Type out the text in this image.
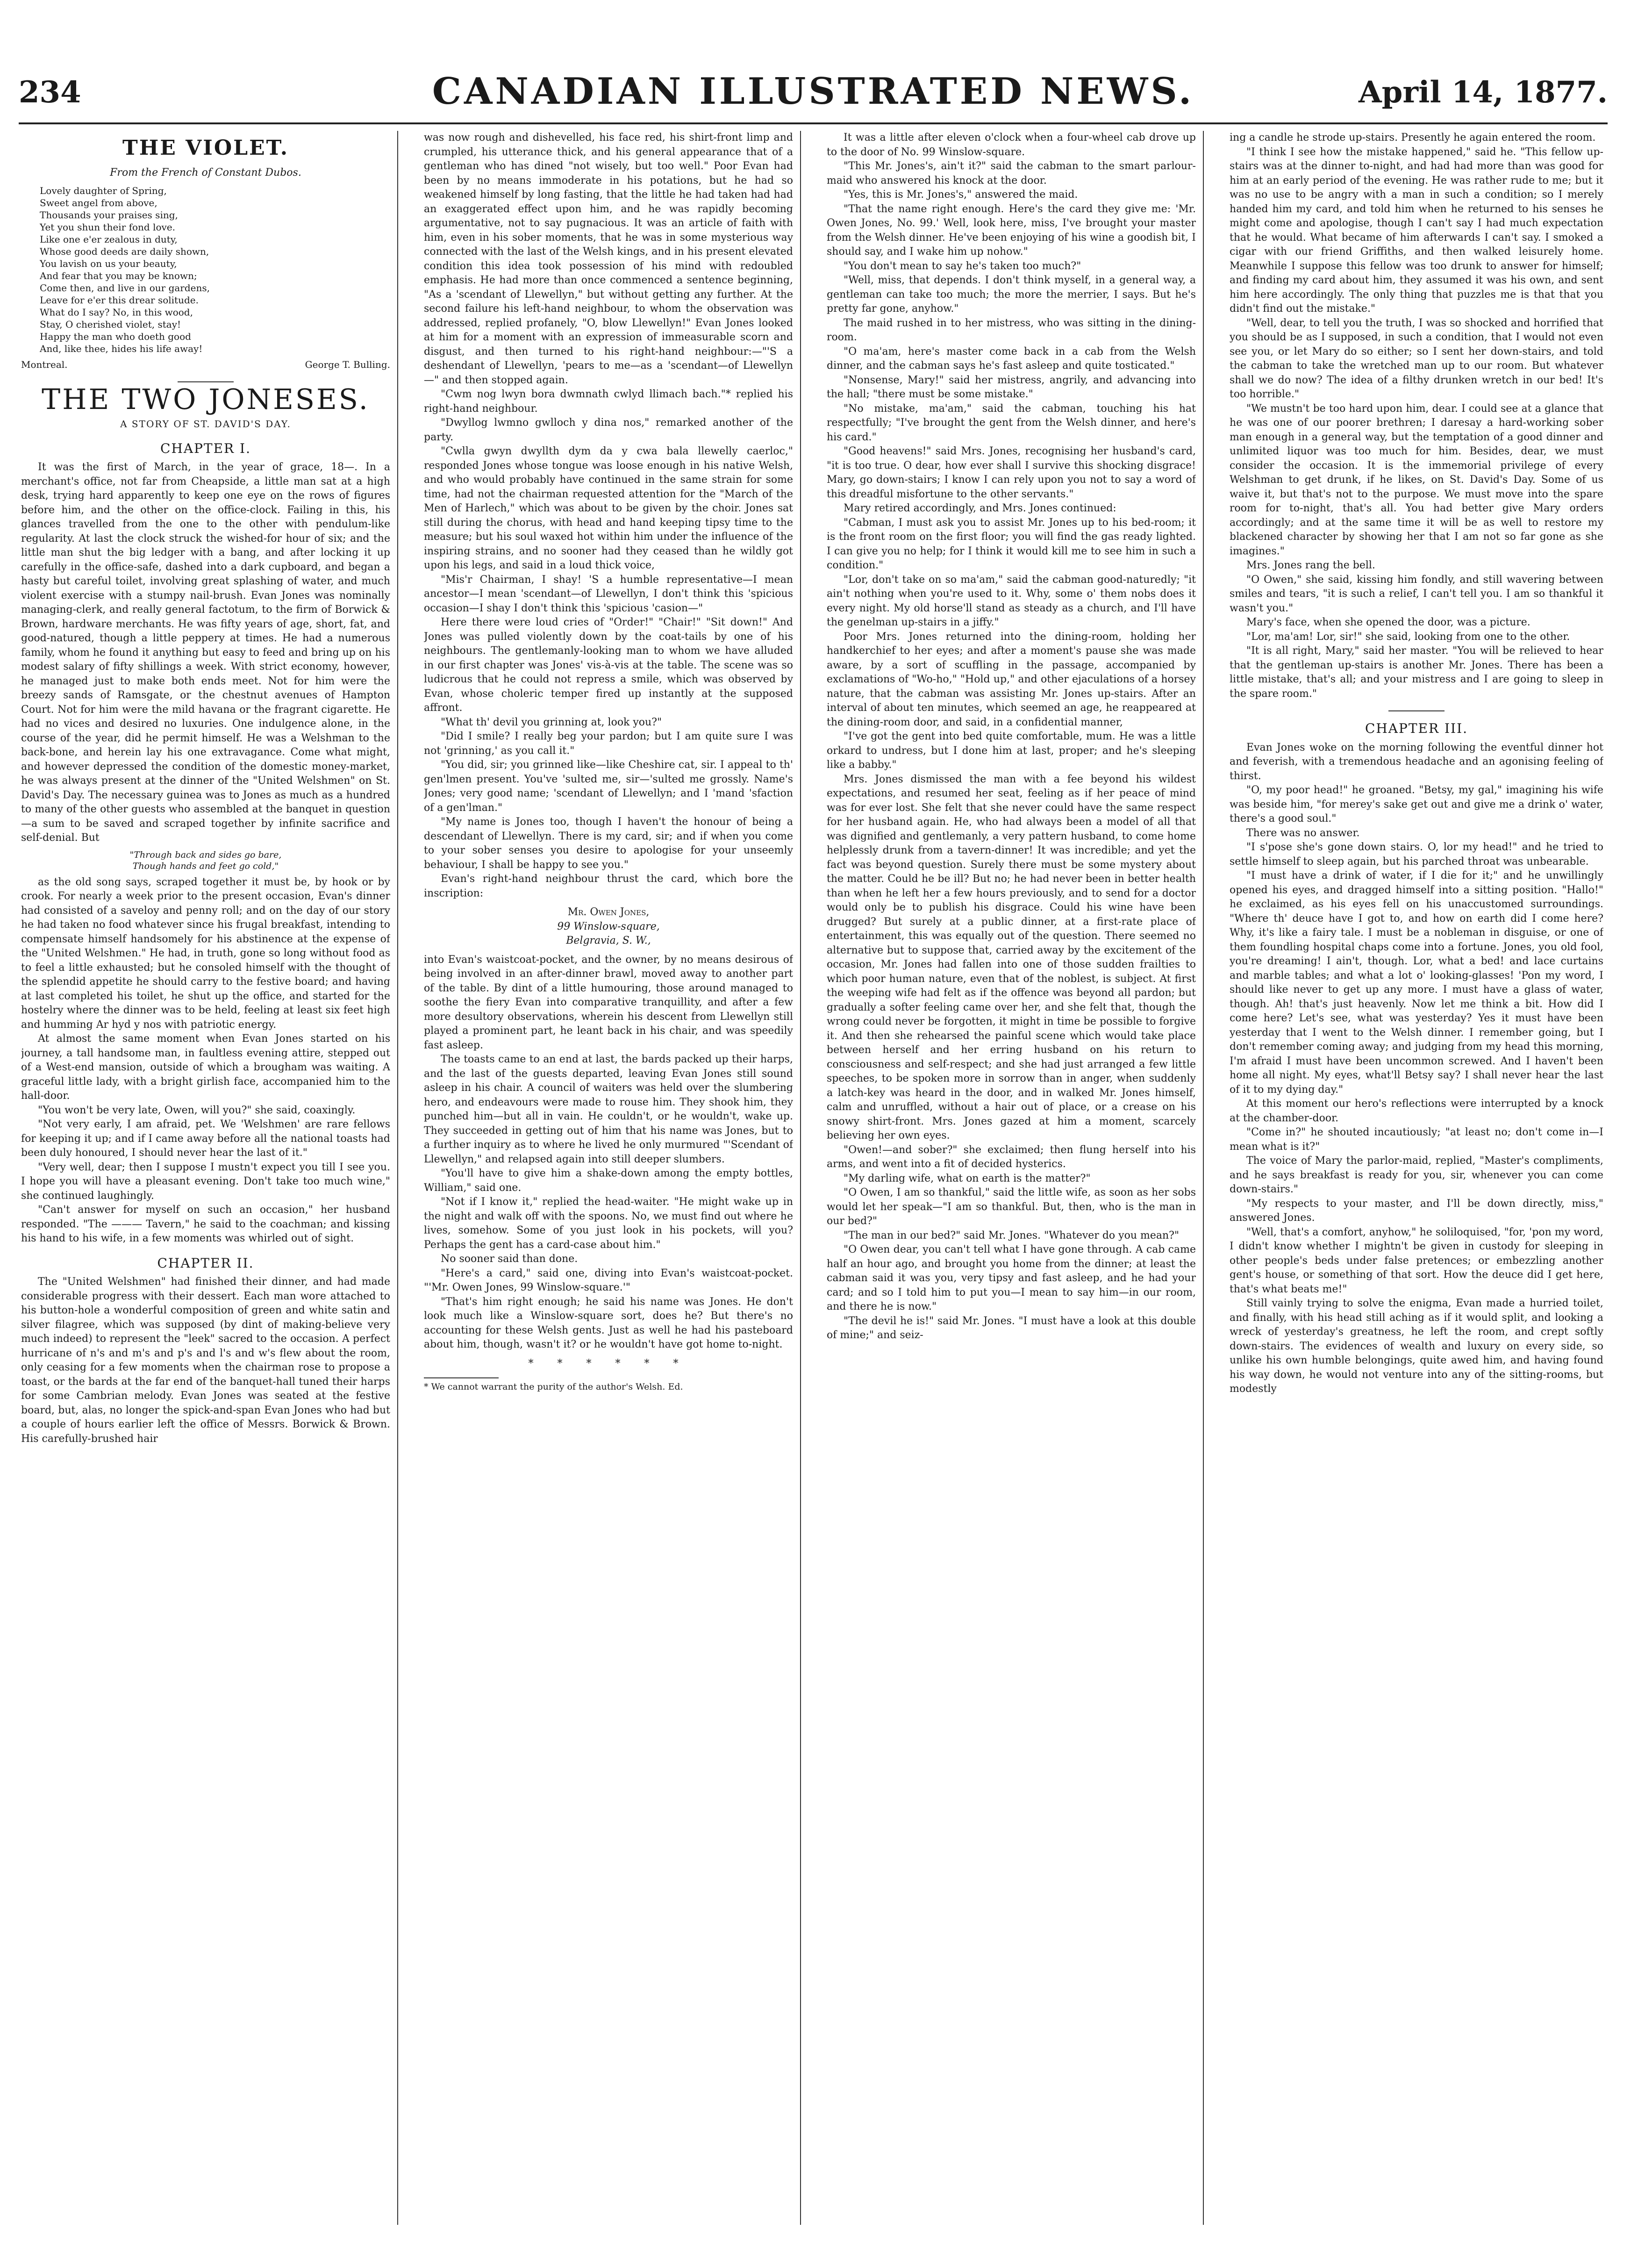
234	CANADIAN ILLUSTRATED NEWS.	April 14, 1877.
THE VIOLET.
From the French of Constant Dubos.

Lovely daughter of Spring,

Sweet angel from above,

Thousands your praises sing,

Yet you shun their fond love.

Like one e'er zealous in duty,

Whose good deeds are daily shown,

You lavish on us your beauty,

And fear that you may be known;

Come then, and live in our gardens,

Leave for e'er this drear solitude.

What do I say? No, in this wood,

Stay, O cherished violet, stay!

Happy the man who doeth good

And, like thee, hides his life away!

Montreal.	George T. Bulling.
THE TWO JONESES.
A STORY OF ST. DAVID'S DAY.
CHAPTER I.

It was the first of March, in the year of grace, 18—. In a merchant's office, not far from Cheapside, a little man sat at a high desk, trying hard apparently to keep one eye on the rows of figures before him, and the other on the office-clock. Failing in this, his glances travelled from the one to the other with pendulum-like regularity. At last the clock struck the wished-for hour of six; and the little man shut the big ledger with a bang, and after locking it up carefully in the office-safe, dashed into a dark cupboard, and began a hasty but careful toilet, involving great splashing of water, and much violent exercise with a stumpy nail-brush. Evan Jones was nominally managing-clerk, and really general factotum, to the firm of Borwick & Brown, hardware merchants. He was fifty years of age, short, fat, and good-natured, though a little peppery at times. He had a numerous family, whom he found it anything but easy to feed and bring up on his modest salary of fifty shillings a week. With strict economy, however, he managed just to make both ends meet. Not for him were the breezy sands of Ramsgate, or the chestnut avenues of Hampton Court. Not for him were the mild havana or the fragrant cigarette. He had no vices and desired no luxuries. One indulgence alone, in the course of the year, did he permit himself. He was a Welshman to the back-bone, and herein lay his one extravagance. Come what might, and however depressed the condition of the domestic money-market, he was always present at the dinner of the "United Welshmen" on St. David's Day. The necessary guinea was to Jones as much as a hundred to many of the other guests who assembled at the banquet in question—a sum to be saved and scraped together by infinite sacrifice and self-denial. But

"Through back and sides go bare,

Though hands and feet go cold,"

as the old song says, scraped together it must be, by hook or by crook. For nearly a week prior to the present occasion, Evan's dinner had consisted of a saveloy and penny roll; and on the day of our story he had taken no food whatever since his frugal breakfast, intending to compensate himself handsomely for his abstinence at the expense of the "United Welshmen." He had, in truth, gone so long without food as to feel a little exhausted; but he consoled himself with the thought of the splendid appetite he should carry to the festive board; and having at last completed his toilet, he shut up the office, and started for the hostelry where the dinner was to be held, feeling at least six feet high and humming Ar hyd y nos with patriotic energy.

At almost the same moment when Evan Jones started on his journey, a tall handsome man, in faultless evening attire, stepped out of a West-end mansion, outside of which a brougham was waiting. A graceful little lady, with a bright girlish face, accompanied him to the hall-door.

"You won't be very late, Owen, will you?" she said, coaxingly.

"Not very early, I am afraid, pet. We 'Welshmen' are rare fellows for keeping it up; and if I came away before all the national toasts had been duly honoured, I should never hear the last of it."

"Very well, dear; then I suppose I mustn't expect you till I see you. I hope you will have a pleasant evening. Don't take too much wine," she continued laughingly.

"Can't answer for myself on such an occasion," her husband responded. "The ——— Tavern," he said to the coachman; and kissing his hand to his wife, in a few moments was whirled out of sight.

CHAPTER II.

The "United Welshmen" had finished their dinner, and had made considerable progress with their dessert. Each man wore attached to his button-hole a wonderful composition of green and white satin and silver filagree, which was supposed (by dint of making-believe very much indeed) to represent the "leek" sacred to the occasion. A perfect hurricane of n's and m's and p's and l's and w's flew about the room, only ceasing for a few moments when the chairman rose to propose a toast, or the bards at the far end of the banquet-hall tuned their harps for some Cambrian melody. Evan Jones was seated at the festive board, but, alas, no longer the spick-and-span Evan Jones who had but a couple of hours earlier left the office of Messrs. Borwick & Brown. His carefully-brushed hair

was now rough and dishevelled, his face red, his shirt-front limp and crumpled, his utterance thick, and his general appearance that of a gentleman who has dined "not wisely, but too well." Poor Evan had been by no means immoderate in his potations, but he had so weakened himself by long fasting, that the little he had taken had had an exaggerated effect upon him, and he was rapidly becoming argumentative, not to say pugnacious. It was an article of faith with him, even in his sober moments, that he was in some mysterious way connected with the last of the Welsh kings, and in his present elevated condition this idea took possession of his mind with redoubled emphasis. He had more than once commenced a sentence beginning, "As a 'scendant of Llewellyn," but without getting any further. At the second failure his left-hand neighbour, to whom the observation was addressed, replied profanely, "O, blow Llewellyn!" Evan Jones looked at him for a moment with an expression of immeasurable scorn and disgust, and then turned to his right-hand neighbour:—"'S a deshendant of Llewellyn, 'pears to me—as a 'scendant—of Llewellyn—" and then stopped again.

"Cwm nog lwyn bora dwmnath cwlyd llimach bach."* replied his right-hand neighbour.

"Dwyllog lwmno gwlloch y dina nos," remarked another of the party.

"Cwlla gwyn dwyllth dym da y cwa bala llewelly caerloc," responded Jones whose tongue was loose enough in his native Welsh, and who would probably have continued in the same strain for some time, had not the chairman requested attention for the "March of the Men of Harlech," which was about to be given by the choir. Jones sat still during the chorus, with head and hand keeping tipsy time to the measure; but his soul waxed hot within him under the influence of the inspiring strains, and no sooner had they ceased than he wildly got upon his legs, and said in a loud thick voice,

"Mis'r Chairman, I shay! 'S a humble representative—I mean ancestor—I mean 'scendant—of Llewellyn, I don't think this 'spicious occasion—I shay I don't think this 'spicious 'casion—"

Here there were loud cries of "Order!" "Chair!" "Sit down!" And Jones was pulled violently down by the coat-tails by one of his neighbours. The gentlemanly-looking man to whom we have alluded in our first chapter was Jones' vis-à-vis at the table. The scene was so ludicrous that he could not repress a smile, which was observed by Evan, whose choleric temper fired up instantly at the supposed affront.

"What th' devil you grinning at, look you?"

"Did I smile? I really beg your pardon; but I am quite sure I was not 'grinning,' as you call it."

"You did, sir; you grinned like—like Cheshire cat, sir. I appeal to th' gen'lmen present. You've 'sulted me, sir—'sulted me grossly. Name's Jones; very good name; 'scendant of Llewellyn; and I 'mand 'sfaction of a gen'lman."

"My name is Jones too, though I haven't the honour of being a descendant of Llewellyn. There is my card, sir; and if when you come to your sober senses you desire to apologise for your unseemly behaviour, I shall be happy to see you."

Evan's right-hand neighbour thrust the card, which bore the inscription:

Mr. Owen Jones,

99 Winslow-square,

Belgravia, S. W.,

into Evan's waistcoat-pocket, and the owner, by no means desirous of being involved in an after-dinner brawl, moved away to another part of the table. By dint of a little humouring, those around managed to soothe the fiery Evan into comparative tranquillity, and after a few more desultory observations, wherein his descent from Llewellyn still played a prominent part, he leant back in his chair, and was speedily fast asleep.

The toasts came to an end at last, the bards packed up their harps, and the last of the guests departed, leaving Evan Jones still sound asleep in his chair. A council of waiters was held over the slumbering hero, and endeavours were made to rouse him. They shook him, they punched him—but all in vain. He couldn't, or he wouldn't, wake up. They succeeded in getting out of him that his name was Jones, but to a further inquiry as to where he lived he only murmured "'Scendant of Llewellyn," and relapsed again into still deeper slumbers.

"You'll have to give him a shake-down among the empty bottles, William," said one.

"Not if I know it," replied the head-waiter. "He might wake up in the night and walk off with the spoons. No, we must find out where he lives, somehow. Some of you just look in his pockets, will you? Perhaps the gent has a card-case about him."

No sooner said than done.

"Here's a card," said one, diving into Evan's waistcoat-pocket. "'Mr. Owen Jones, 99 Winslow-square.'"

"That's him right enough; he said his name was Jones. He don't look much like a Winslow-square sort, does he? But there's no accounting for these Welsh gents. Just as well he had his pasteboard about him, though, wasn't it? or he wouldn't have got home to-night.

* * * * * *

* We cannot warrant the purity of the author's Welsh. Ed.

It was a little after eleven o'clock when a four-wheel cab drove up to the door of No. 99 Winslow-square.

"This Mr. Jones's, ain't it?" said the cabman to the smart parlour-maid who answered his knock at the door.

"Yes, this is Mr. Jones's," answered the maid.

"That the name right enough. Here's the card they give me: 'Mr. Owen Jones, No. 99.' Well, look here, miss, I've brought your master from the Welsh dinner. He've been enjoying of his wine a goodish bit, I should say, and I wake him up nohow."

"You don't mean to say he's taken too much?"

"Well, miss, that depends. I don't think myself, in a general way, a gentleman can take too much; the more the merrier, I says. But he's pretty far gone, anyhow."

The maid rushed in to her mistress, who was sitting in the dining-room.

"O ma'am, here's master come back in a cab from the Welsh dinner, and the cabman says he's fast asleep and quite tosticated."

"Nonsense, Mary!" said her mistress, angrily, and advancing into the hall; "there must be some mistake."

"No mistake, ma'am," said the cabman, touching his hat respectfully; "I've brought the gent from the Welsh dinner, and here's his card."

"Good heavens!" said Mrs. Jones, recognising her husband's card, "it is too true. O dear, how ever shall I survive this shocking disgrace! Mary, go down-stairs; I know I can rely upon you not to say a word of this dreadful misfortune to the other servants."

Mary retired accordingly, and Mrs. Jones continued:

"Cabman, I must ask you to assist Mr. Jones up to his bed-room; it is the front room on the first floor; you will find the gas ready lighted. I can give you no help; for I think it would kill me to see him in such a condition."

"Lor, don't take on so ma'am," said the cabman good-naturedly; "it ain't nothing when you're used to it. Why, some o' them nobs does it every night. My old horse'll stand as steady as a church, and I'll have the genelman up-stairs in a jiffy."

Poor Mrs. Jones returned into the dining-room, holding her handkerchief to her eyes; and after a moment's pause she was made aware, by a sort of scuffling in the passage, accompanied by exclamations of "Wo-ho," "Hold up," and other ejaculations of a horsey nature, that the cabman was assisting Mr. Jones up-stairs. After an interval of about ten minutes, which seemed an age, he reappeared at the dining-room door, and said, in a confidential manner,

"I've got the gent into bed quite comfortable, mum. He was a little orkard to undress, but I done him at last, proper; and he's sleeping like a babby."

Mrs. Jones dismissed the man with a fee beyond his wildest expectations, and resumed her seat, feeling as if her peace of mind was for ever lost. She felt that she never could have the same respect for her husband again. He, who had always been a model of all that was dignified and gentlemanly, a very pattern husband, to come home helplessly drunk from a tavern-dinner! It was incredible; and yet the fact was beyond question. Surely there must be some mystery about the matter. Could he be ill? But no; he had never been in better health than when he left her a few hours previously, and to send for a doctor would only be to publish his disgrace. Could his wine have been drugged? But surely at a public dinner, at a first-rate place of entertainment, this was equally out of the question. There seemed no alternative but to suppose that, carried away by the excitement of the occasion, Mr. Jones had fallen into one of those sudden frailties to which poor human nature, even that of the noblest, is subject. At first the weeping wife had felt as if the offence was beyond all pardon; but gradually a softer feeling came over her, and she felt that, though the wrong could never be forgotten, it might in time be possible to forgive it. And then she rehearsed the painful scene which would take place between herself and her erring husband on his return to consciousness and self-respect; and she had just arranged a few little speeches, to be spoken more in sorrow than in anger, when suddenly a latch-key was heard in the door, and in walked Mr. Jones himself, calm and unruffled, without a hair out of place, or a crease on his snowy shirt-front. Mrs. Jones gazed at him a moment, scarcely believing her own eyes.

"Owen!—and sober?" she exclaimed; then flung herself into his arms, and went into a fit of decided hysterics.

"My darling wife, what on earth is the matter?"

"O Owen, I am so thankful," said the little wife, as soon as her sobs would let her speak—"I am so thankful. But, then, who is the man in our bed?"

"The man in our bed?" said Mr. Jones. "Whatever do you mean?"

"O Owen dear, you can't tell what I have gone through. A cab came half an hour ago, and brought you home from the dinner; at least the cabman said it was you, very tipsy and fast asleep, and he had your card; and so I told him to put you—I mean to say him—in our room, and there he is now."

"The devil he is!" said Mr. Jones. "I must have a look at this double of mine;" and seiz-

ing a candle he strode up-stairs. Presently he again entered the room.

"I think I see how the mistake happened," said he. "This fellow up-stairs was at the dinner to-night, and had had more than was good for him at an early period of the evening. He was rather rude to me; but it was no use to be angry with a man in such a condition; so I merely handed him my card, and told him when he returned to his senses he might come and apologise, though I can't say I had much expectation that he would. What became of him afterwards I can't say. I smoked a cigar with our friend Griffiths, and then walked leisurely home. Meanwhile I suppose this fellow was too drunk to answer for himself; and finding my card about him, they assumed it was his own, and sent him here accordingly. The only thing that puzzles me is that that you didn't find out the mistake."

"Well, dear, to tell you the truth, I was so shocked and horrified that you should be as I supposed, in such a condition, that I would not even see you, or let Mary do so either; so I sent her down-stairs, and told the cabman to take the wretched man up to our room. But whatever shall we do now? The idea of a filthy drunken wretch in our bed! It's too horrible."

"We mustn't be too hard upon him, dear. I could see at a glance that he was one of our poorer brethren; I daresay a hard-working sober man enough in a general way, but the temptation of a good dinner and unlimited liquor was too much for him. Besides, dear, we must consider the occasion. It is the immemorial privilege of every Welshman to get drunk, if he likes, on St. David's Day. Some of us waive it, but that's not to the purpose. We must move into the spare room for to-night, that's all. You had better give Mary orders accordingly; and at the same time it will be as well to restore my blackened character by showing her that I am not so far gone as she imagines."

Mrs. Jones rang the bell.

"O Owen," she said, kissing him fondly, and still wavering between smiles and tears, "it is such a relief, I can't tell you. I am so thankful it wasn't you."

Mary's face, when she opened the door, was a picture.

"Lor, ma'am! Lor, sir!" she said, looking from one to the other.

"It is all right, Mary," said her master. "You will be relieved to hear that the gentleman up-stairs is another Mr. Jones. There has been a little mistake, that's all; and your mistress and I are going to sleep in the spare room."

CHAPTER III.

Evan Jones woke on the morning following the eventful dinner hot and feverish, with a tremendous headache and an agonising feeling of thirst.

"O, my poor head!" he groaned. "Betsy, my gal," imagining his wife was beside him, "for merey's sake get out and give me a drink o' water, there's a good soul."

There was no answer.

"I s'pose she's gone down stairs. O, lor my head!" and he tried to settle himself to sleep again, but his parched throat was unbearable.

"I must have a drink of water, if I die for it;" and he unwillingly opened his eyes, and dragged himself into a sitting position. "Hallo!" he exclaimed, as his eyes fell on his unaccustomed surroundings. "Where th' deuce have I got to, and how on earth did I come here? Why, it's like a fairy tale. I must be a nobleman in disguise, or one of them foundling hospital chaps come into a fortune. Jones, you old fool, you're dreaming! I ain't, though. Lor, what a bed! and lace curtains and marble tables; and what a lot o' looking-glasses! 'Pon my word, I should like never to get up any more. I must have a glass of water, though. Ah! that's just heavenly. Now let me think a bit. How did I come here? Let's see, what was yesterday? Yes it must have been yesterday that I went to the Welsh dinner. I remember going, but I don't remember coming away; and judging from my head this morning, I'm afraid I must have been uncommon screwed. And I haven't been home all night. My eyes, what'll Betsy say? I shall never hear the last of it to my dying day."

At this moment our hero's reflections were interrupted by a knock at the chamber-door.

"Come in?" he shouted incautiously; "at least no; don't come in—I mean what is it?"

The voice of Mary the parlor-maid, replied, "Master's compliments, and he says breakfast is ready for you, sir, whenever you can come down-stairs."

"My respects to your master, and I'll be down directly, miss," answered Jones.

"Well, that's a comfort, anyhow," he soliloquised, "for, 'pon my word, I didn't know whether I mightn't be given in custody for sleeping in other people's beds under false pretences; or embezzling another gent's house, or something of that sort. How the deuce did I get here, that's what beats me!"

Still vainly trying to solve the enigma, Evan made a hurried toilet, and finally, with his head still aching as if it would split, and looking a wreck of yesterday's greatness, he left the room, and crept softly down-stairs. The evidences of wealth and luxury on every side, so unlike his own humble belongings, quite awed him, and having found his way down, he would not venture into any of the sitting-rooms, but modestly
